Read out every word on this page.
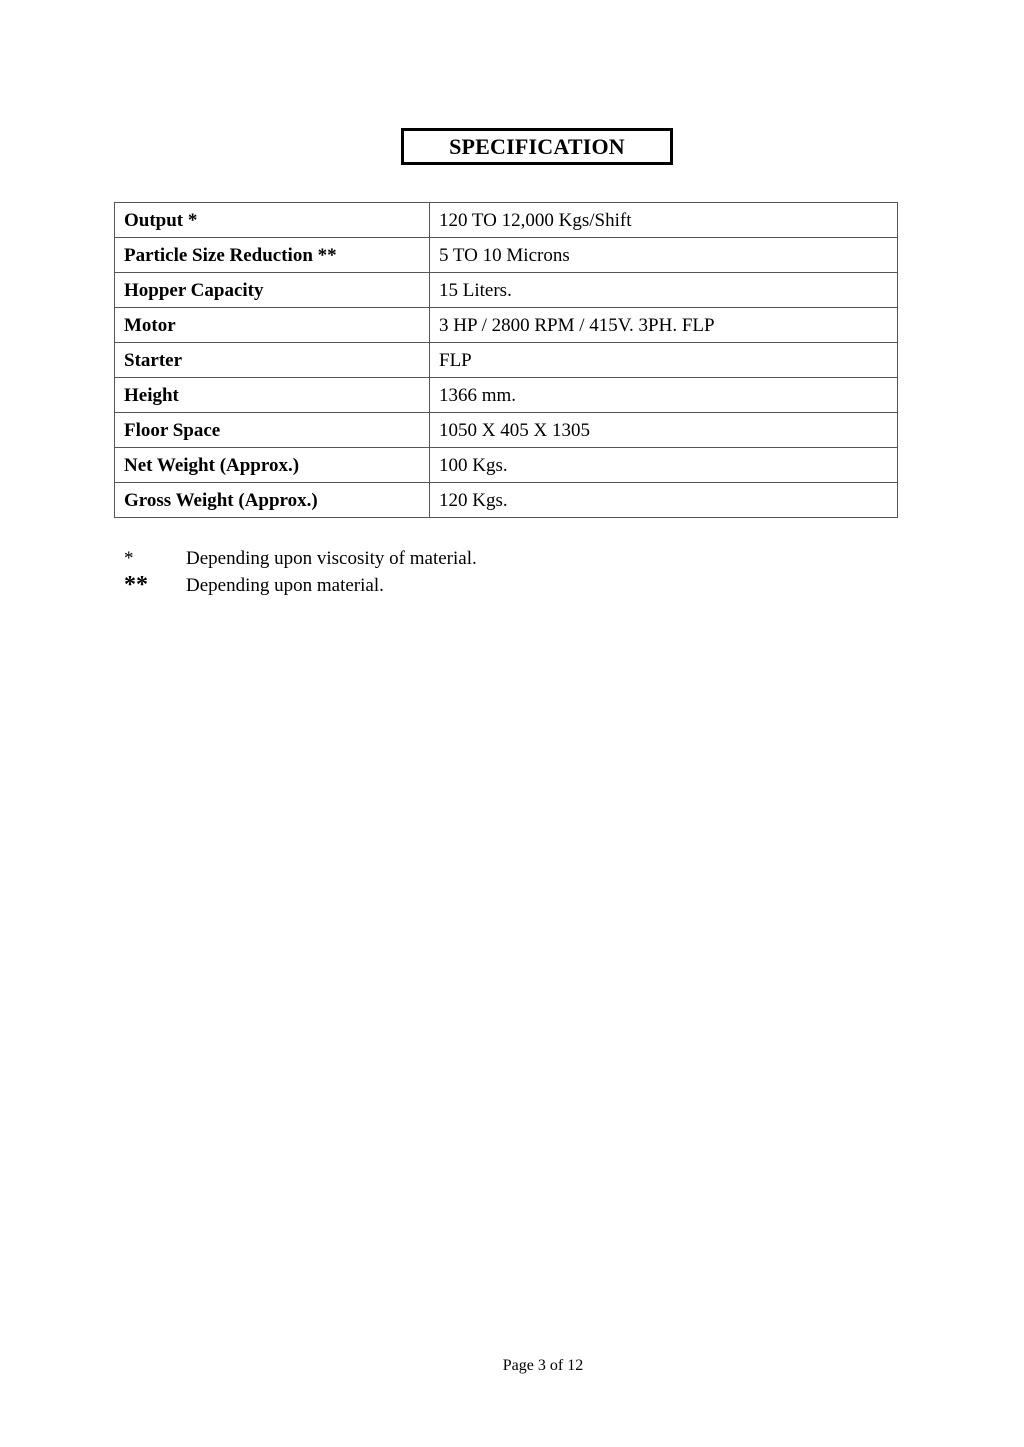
SPECIFICATION
Output *	120 TO 12,000 Kgs/Shift
Particle Size Reduction **	5 TO 10 Microns
Hopper Capacity	15 Liters.
Motor	3 HP / 2800 RPM / 415V. 3PH. FLP
Starter	FLP
Height	1366 mm.
Floor Space	1050 X 405 X 1305
Net Weight (Approx.)	100 Kgs.
Gross Weight (Approx.)	120 Kgs.
*	Depending upon viscosity of material.
**	Depending upon material.
Page 3 of 12
